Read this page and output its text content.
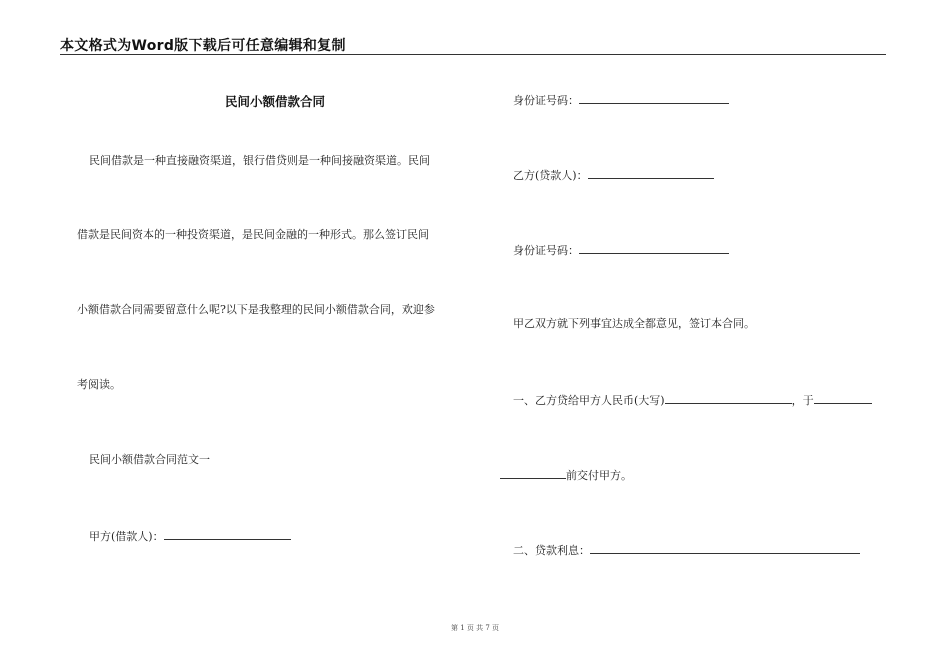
本文格式为Word版下载后可任意编辑和复制
民间小额借款合同
民间借款是一种直接融资渠道，银行借贷则是一种间接融资渠道。民间
借款是民间资本的一种投资渠道，是民间金融的一种形式。那么签订民间
小额借款合同需要留意什么呢?以下是我整理的民间小额借款合同，欢迎参
考阅读。
民间小额借款合同范文一
甲方(借款人)：
身份证号码：
乙方(贷款人)：
身份证号码：
甲乙双方就下列事宜达成全都意见，签订本合同。
一、乙方贷给甲方人民币(大写)	，于
前交付甲方。
二、贷款利息：
第 1 页 共 7 页
